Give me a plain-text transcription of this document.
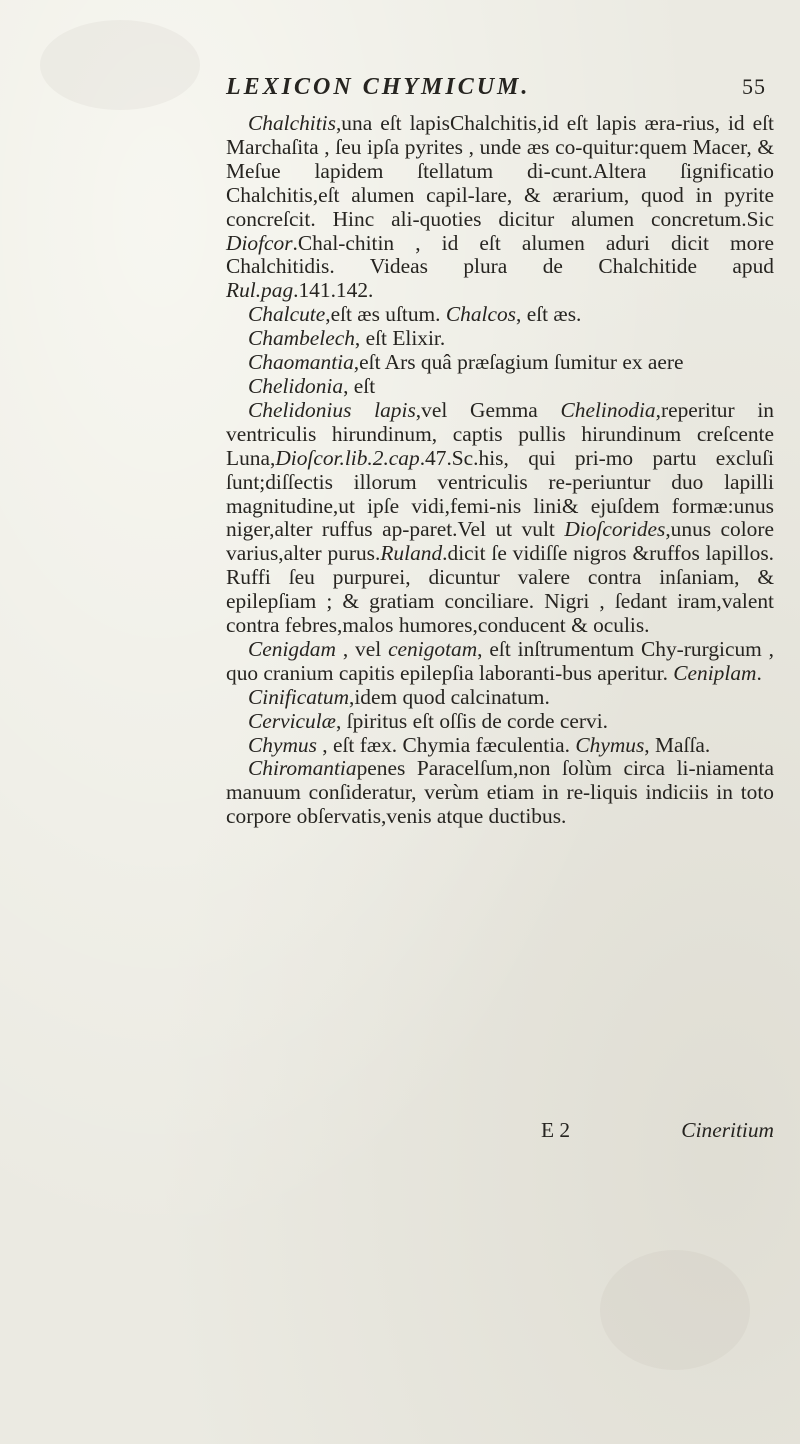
LEXICON CHYMICUM.	55

Chalchitis,una eſt lapisChalchitis,id eſt lapis æra-rius, id eſt Marchaſita , ſeu ipſa pyrites , unde æs co-quitur:quem Macer, & Meſue lapidem ſtellatum di-cunt.Altera ſignificatio Chalchitis,eſt alumen capil-lare, & ærarium, quod in pyrite concreſcit. Hinc ali-quoties dicitur alumen concretum.Sic Diofcor.Chal-chitin , id eſt alumen aduri dicit more Chalchitidis. Videas plura de Chalchitide apud Rul.pag.141.142.

Chalcute,eſt æs uſtum. Chalcos, eſt æs.

Chambelech, eſt Elixir.

Chaomantia,eſt Ars quâ præſagium ſumitur ex aere

Chelidonia, eſt

Chelidonius lapis,vel Gemma Chelinodia,reperitur in ventriculis hirundinum, captis pullis hirundinum creſcente Luna,Dioſcor.lib.2.cap.47.Sc.his, qui pri-mo partu excluſi ſunt;diſſectis illorum ventriculis re-periuntur duo lapilli magnitudine,ut ipſe vidi,femi-nis lini& ejuſdem formæ:unus niger,alter ruffus ap-paret.Vel ut vult Dioſcorides,unus colore varius,alter purus.Ruland.dicit ſe vidiſſe nigros &ruffos lapillos. Ruffi ſeu purpurei, dicuntur valere contra inſaniam, & epilepſiam ; & gratiam conciliare. Nigri , ſedant iram,valent contra febres,malos humores,conducent & oculis.

Cenigdam , vel cenigotam, eſt inſtrumentum Chy-rurgicum , quo cranium capitis epilepſia laboranti-bus aperitur. Ceniplam.

Cinificatum,idem quod calcinatum.

Cerviculæ, ſpiritus eſt oſſis de corde cervi.

Chymus , eſt fæx. Chymia fæculentia. Chymus, Maſſa.

Chiromantiapenes Paracelſum,non ſolùm circa li-niamenta manuum conſideratur, verùm etiam in re-liquis indiciis in toto corpore obſervatis,venis atque ductibus.

E 2	Cineritium
